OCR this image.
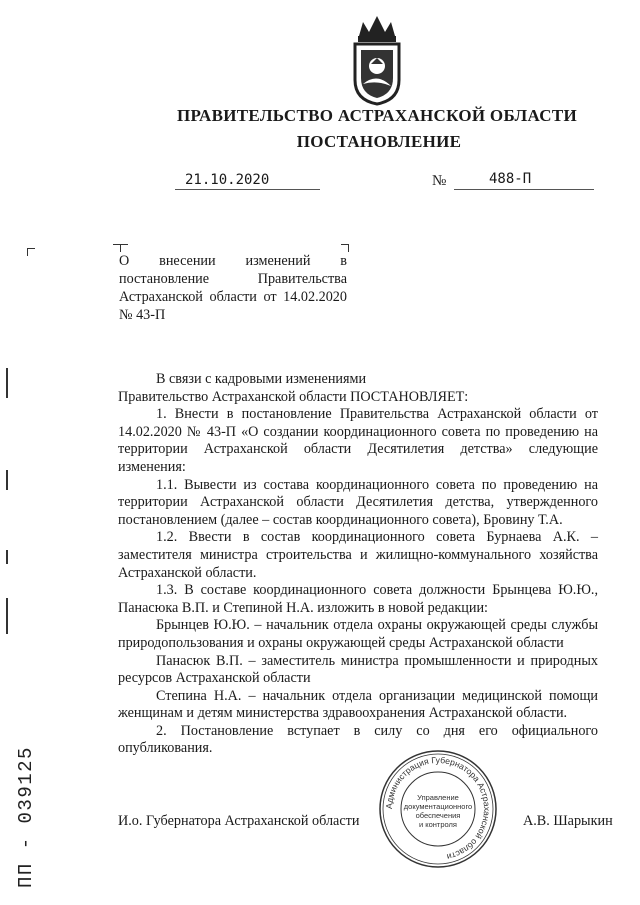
ПРАВИТЕЛЬСТВО АСТРАХАНСКОЙ ОБЛАСТИ
ПОСТАНОВЛЕНИЕ
21.10.2020	№	488-П
О внесении изменений в постановление Правительства Астраханской области от 14.02.2020 № 43-П

В связи с кадровыми изменениями

Правительство Астраханской области ПОСТАНОВЛЯЕТ:

1. Внести в постановление Правительства Астраханской области от 14.02.2020 № 43-П «О создании координационного совета по проведению на территории Астраханской области Десятилетия детства» следующие изменения:

1.1. Вывести из состава координационного совета по проведению на территории Астраханской области Десятилетия детства, утвержденного постановлением (далее – состав координационного совета), Бровину Т.А.

1.2. Ввести в состав координационного совета Бурнаева А.К. – заместителя министра строительства и жилищно-коммунального хозяйства Астраханской области.

1.3. В составе координационного совета должности Брынцева Ю.Ю., Панасюка В.П. и Степиной Н.А. изложить в новой редакции:

Брынцев Ю.Ю. – начальник отдела охраны окружающей среды службы природопользования и охраны окружающей среды Астраханской области

Панасюк В.П. – заместитель министра промышленности и природных ресурсов Астраханской области

Степина Н.А. – начальник отдела организации медицинской помощи женщинам и детям министерства здравоохранения Астраханской области.

2. Постановление вступает в силу со дня его официального опубликования.

И.о. Губернатора Астраханской области	А.В. Шарыкин
Администрация Губернатора Астраханской области
Управление
документационного
обеспечения
и контроля
ПП - 039125
